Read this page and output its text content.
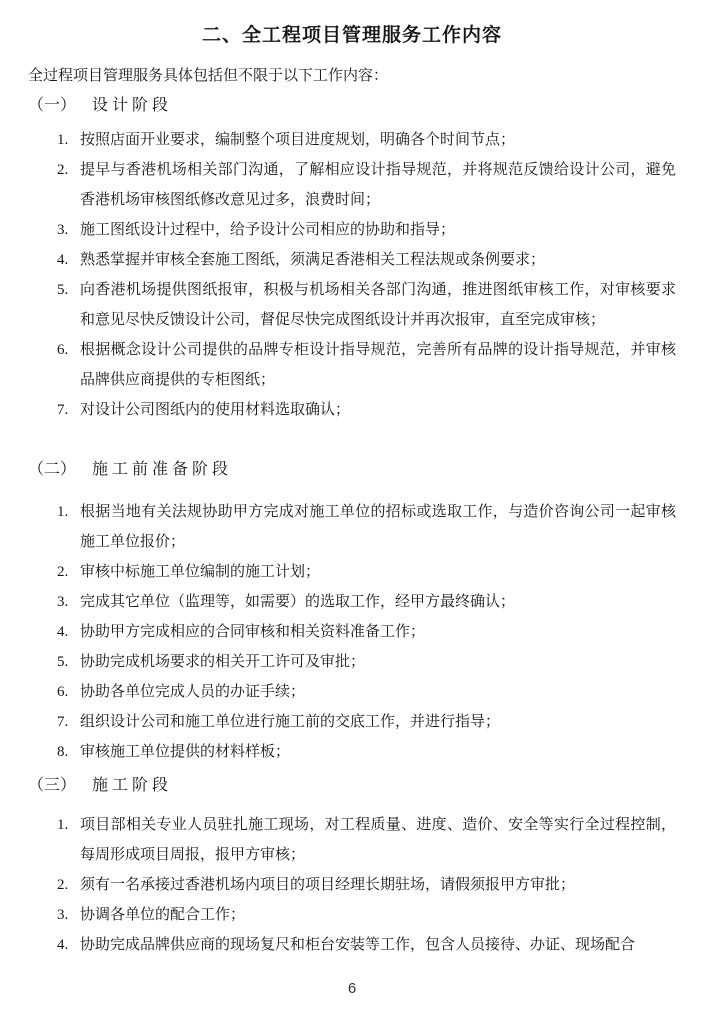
二、全工程项目管理服务工作内容
全过程项目管理服务具体包括但不限于以下工作内容：
（一） 设计阶段
1. 按照店面开业要求，编制整个项目进度规划，明确各个时间节点；
2. 提早与香港机场相关部门沟通，了解相应设计指导规范，并将规范反馈给设计公司，避免香港机场审核图纸修改意见过多，浪费时间；
3. 施工图纸设计过程中，给予设计公司相应的协助和指导；
4. 熟悉掌握并审核全套施工图纸，须满足香港相关工程法规或条例要求；
5. 向香港机场提供图纸报审，积极与机场相关各部门沟通，推进图纸审核工作，对审核要求和意见尽快反馈设计公司，督促尽快完成图纸设计并再次报审，直至完成审核；
6. 根据概念设计公司提供的品牌专柜设计指导规范，完善所有品牌的设计指导规范，并审核品牌供应商提供的专柜图纸；
7. 对设计公司图纸内的使用材料选取确认；
（二） 施工前准备阶段
1. 根据当地有关法规协助甲方完成对施工单位的招标或选取工作，与造价咨询公司一起审核施工单位报价；
2. 审核中标施工单位编制的施工计划；
3. 完成其它单位（监理等，如需要）的选取工作，经甲方最终确认；
4. 协助甲方完成相应的合同审核和相关资料准备工作；
5. 协助完成机场要求的相关开工许可及审批；
6. 协助各单位完成人员的办证手续；
7. 组织设计公司和施工单位进行施工前的交底工作，并进行指导；
8. 审核施工单位提供的材料样板；
（三） 施工阶段
1. 项目部相关专业人员驻扎施工现场，对工程质量、进度、造价、安全等实行全过程控制，每周形成项目周报，报甲方审核；
2. 须有一名承接过香港机场内项目的项目经理长期驻场，请假须报甲方审批；
3. 协调各单位的配合工作；
4. 协助完成品牌供应商的现场复尺和柜台安装等工作，包含人员接待、办证、现场配合
6
